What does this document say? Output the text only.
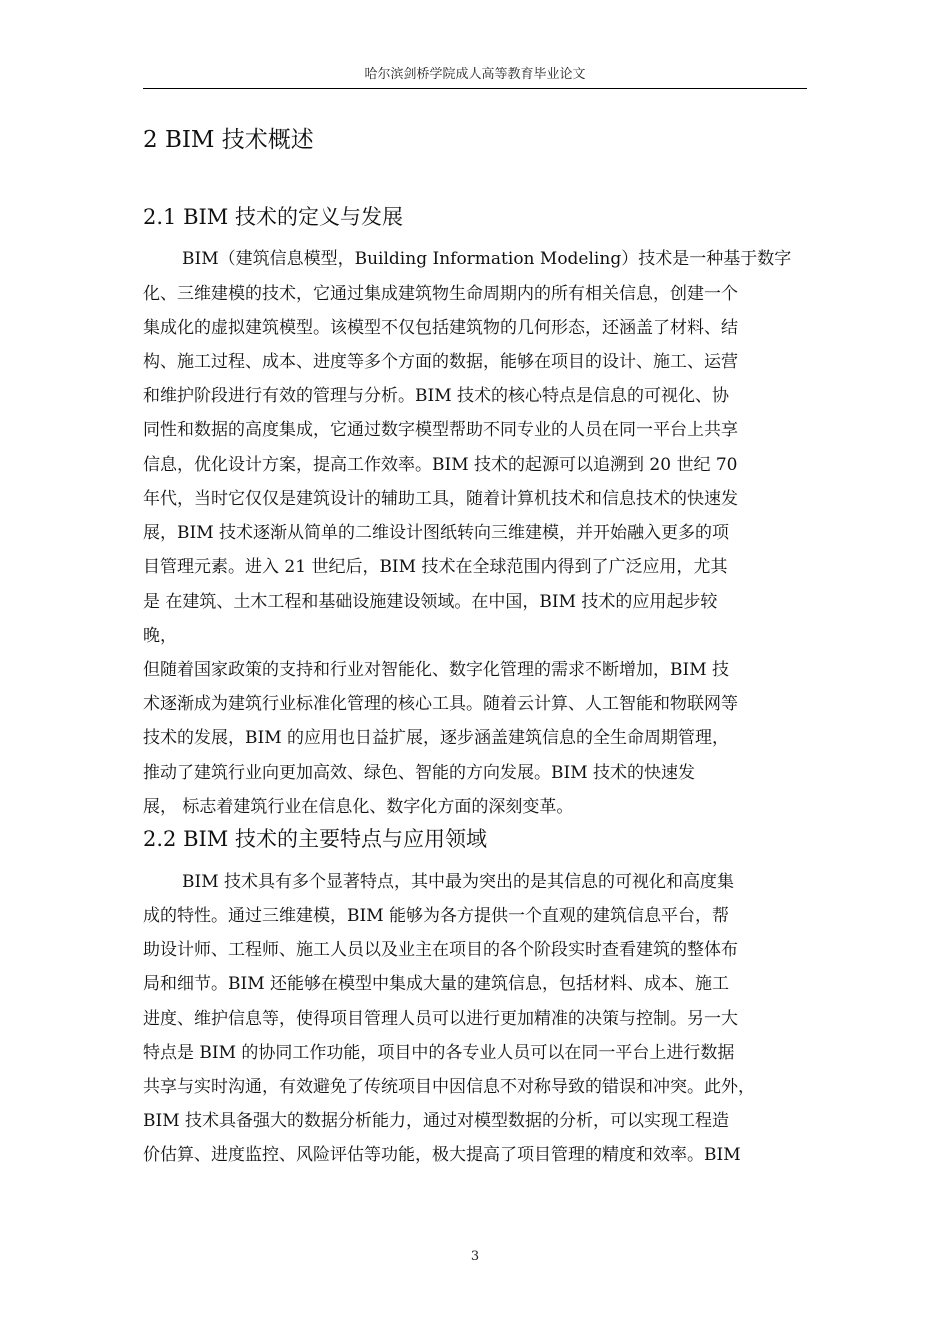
哈尔滨剑桥学院成人高等教育毕业论文
2 BIM 技术概述
2.1 BIM 技术的定义与发展
BIM（建筑信息模型，Building Information Modeling）技术是一种基于数字
化、三维建模的技术，它通过集成建筑物生命周期内的所有相关信息，创建一个
集成化的虚拟建筑模型。该模型不仅包括建筑物的几何形态，还涵盖了材料、结
构、施工过程、成本、进度等多个方面的数据，能够在项目的设计、施工、运营
和维护阶段进行有效的管理与分析。BIM 技术的核心特点是信息的可视化、协
同性和数据的高度集成，它通过数字模型帮助不同专业的人员在同一平台上共享
信息，优化设计方案，提高工作效率。BIM 技术的起源可以追溯到 20 世纪 70
年代，当时它仅仅是建筑设计的辅助工具，随着计算机技术和信息技术的快速发
展，BIM 技术逐渐从简单的二维设计图纸转向三维建模，并开始融入更多的项
目管理元素。进入 21 世纪后，BIM 技术在全球范围内得到了广泛应用，尤其
是 在建筑、土木工程和基础设施建设领域。在中国，BIM 技术的应用起步较
晚，
但随着国家政策的支持和行业对智能化、数字化管理的需求不断增加，BIM 技
术逐渐成为建筑行业标准化管理的核心工具。随着云计算、人工智能和物联网等
技术的发展，BIM 的应用也日益扩展，逐步涵盖建筑信息的全生命周期管理，
推动了建筑行业向更加高效、绿色、智能的方向发展。BIM 技术的快速发
展， 标志着建筑行业在信息化、数字化方面的深刻变革。
2.2 BIM 技术的主要特点与应用领域
BIM 技术具有多个显著特点，其中最为突出的是其信息的可视化和高度集
成的特性。通过三维建模，BIM 能够为各方提供一个直观的建筑信息平台，帮
助设计师、工程师、施工人员以及业主在项目的各个阶段实时查看建筑的整体布
局和细节。BIM 还能够在模型中集成大量的建筑信息，包括材料、成本、施工
进度、维护信息等，使得项目管理人员可以进行更加精准的决策与控制。另一大
特点是 BIM 的协同工作功能，项目中的各专业人员可以在同一平台上进行数据
共享与实时沟通，有效避免了传统项目中因信息不对称导致的错误和冲突。此外，
BIM 技术具备强大的数据分析能力，通过对模型数据的分析，可以实现工程造
价估算、进度监控、风险评估等功能，极大提高了项目管理的精度和效率。BIM
3
